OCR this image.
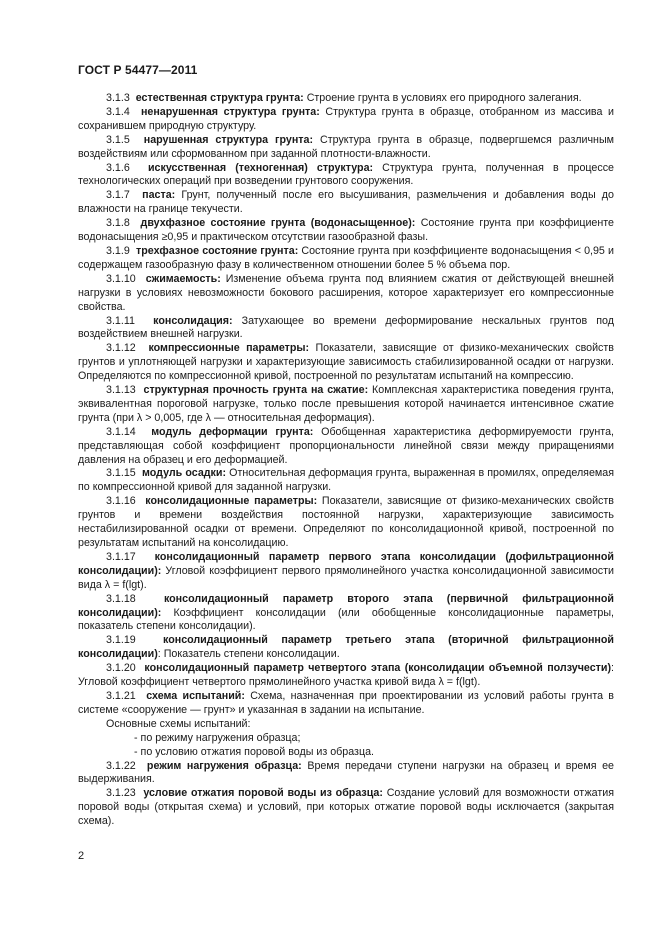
ГОСТ Р 54477—2011

3.1.3 естественная структура грунта: Строение грунта в условиях его природного залегания.

3.1.4 ненарушенная структура грунта: Структура грунта в образце, отобранном из массива и сохранившем природную структуру.

3.1.5 нарушенная структура грунта: Структура грунта в образце, подвергшемся различным воздействиям или сформованном при заданной плотности-влажности.

3.1.6 искусственная (техногенная) структура: Структура грунта, полученная в процессе технологических операций при возведении грунтового сооружения.

3.1.7 паста: Грунт, полученный после его высушивания, размельчения и добавления воды до влажности на границе текучести.

3.1.8 двухфазное состояние грунта (водонасыщенное): Состояние грунта при коэффициенте водонасыщения ≥0,95 и практическом отсутствии газообразной фазы.

3.1.9 трехфазное состояние грунта: Состояние грунта при коэффициенте водонасыщения < 0,95 и содержащем газообразную фазу в количественном отношении более 5 % объема пор.

3.1.10 сжимаемость: Изменение объема грунта под влиянием сжатия от действующей внешней нагрузки в условиях невозможности бокового расширения, которое характеризует его компрессионные свойства.

3.1.11 консолидация: Затухающее во времени деформирование нескальных грунтов под воздействием внешней нагрузки.

3.1.12 компрессионные параметры: Показатели, зависящие от физико-механических свойств грунтов и уплотняющей нагрузки и характеризующие зависимость стабилизированной осадки от нагрузки. Определяются по компрессионной кривой, построенной по результатам испытаний на компрессию.

3.1.13 структурная прочность грунта на сжатие: Комплексная характеристика поведения грунта, эквивалентная пороговой нагрузке, только после превышения которой начинается интенсивное сжатие грунта (при λ > 0,005, где λ — относительная деформация).

3.1.14 модуль деформации грунта: Обобщенная характеристика деформируемости грунта, представляющая собой коэффициент пропорциональности линейной связи между приращениями давления на образец и его деформацией.

3.1.15 модуль осадки: Относительная деформация грунта, выраженная в промилях, определяемая по компрессионной кривой для заданной нагрузки.

3.1.16 консолидационные параметры: Показатели, зависящие от физико-механических свойств грунтов и времени воздействия постоянной нагрузки, характеризующие зависимость нестабилизированной осадки от времени. Определяют по консолидационной кривой, построенной по результатам испытаний на консолидацию.

3.1.17 консолидационный параметр первого этапа консолидации (дофильтрационной консолидации): Угловой коэффициент первого прямолинейного участка консолидационной зависимости вида λ = f(lgt).

3.1.18	консолидационный параметр второго этапа (первичной фильтрационной консолидации): Коэффициент консолидации (или обобщенные консолидационные параметры, показатель степени консолидации).

3.1.19	консолидационный параметр третьего этапа (вторичной фильтрационной консолидации): Показатель степени консолидации.

3.1.20 консолидационный параметр четвертого этапа (консолидации объемной ползучести): Угловой коэффициент четвертого прямолинейного участка кривой вида λ = f(lgt).

3.1.21 схема испытаний: Схема, назначенная при проектировании из условий работы грунта в системе «сооружение — грунт» и указанная в задании на испытание.

Основные схемы испытаний:

- по режиму нагружения образца;

- по условию отжатия поровой воды из образца.

3.1.22 режим нагружения образца: Время передачи ступени нагрузки на образец и время ее выдерживания.

3.1.23 условие отжатия поровой воды из образца: Создание условий для возможности отжатия поровой воды (открытая схема) и условий, при которых отжатие поровой воды исключается (закрытая схема).

2
